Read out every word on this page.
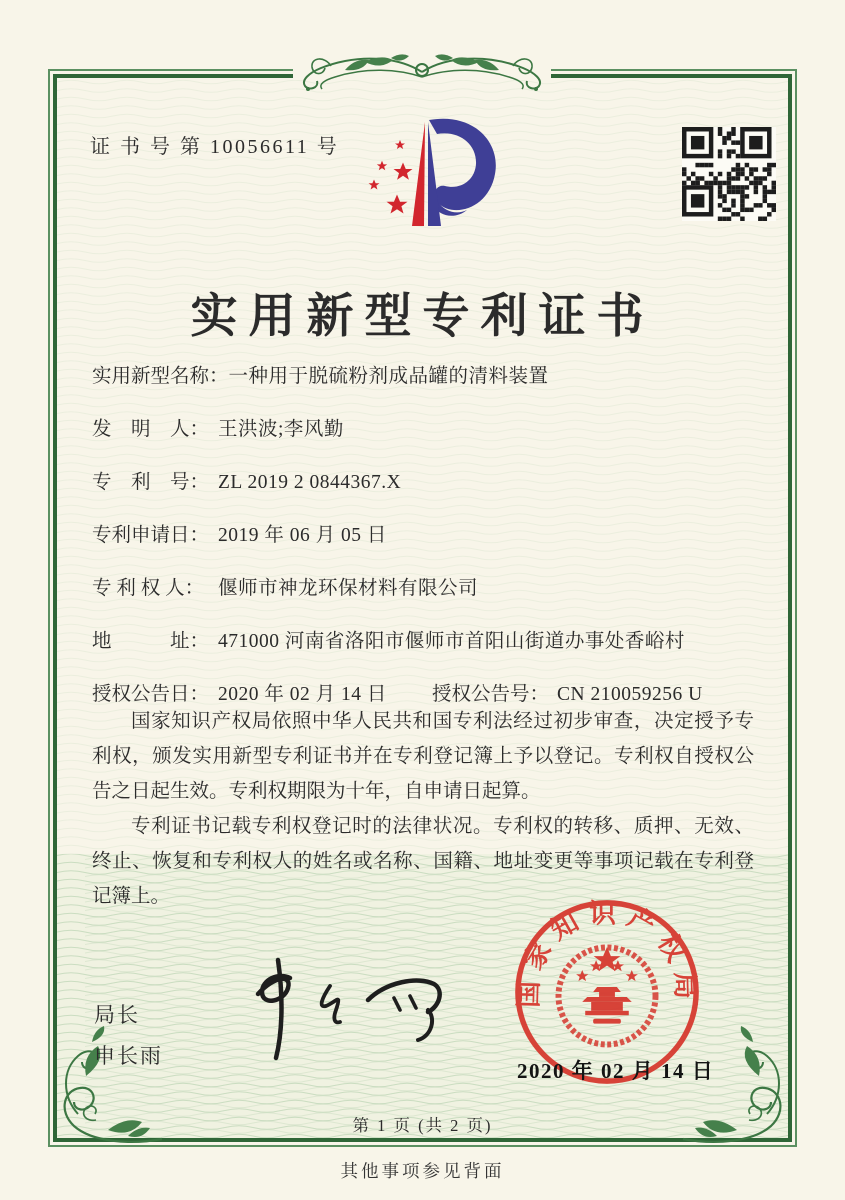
证 书 号 第 10056611 号
实用新型专利证书
实用新型名称： 一种用于脱硫粉剂成品罐的清料装置
发　明　人： 王洪波;李风勤
专　利　号： ZL 2019 2 0844367.X
专利申请日： 2019 年 06 月 05 日
专 利 权 人： 偃师市神龙环保材料有限公司
地　　　址： 471000 河南省洛阳市偃师市首阳山街道办事处香峪村
授权公告日： 2020 年 02 月 14 日	授权公告号： CN 210059256 U

国家知识产权局依照中华人民共和国专利法经过初步审查，决定授予专利权，颁发实用新型专利证书并在专利登记簿上予以登记。专利权自授权公告之日起生效。专利权期限为十年，自申请日起算。

专利证书记载专利权登记时的法律状况。专利权的转移、质押、无效、终止、恢复和专利权人的姓名或名称、国籍、地址变更等事项记载在专利登记簿上。

局长
申长雨
国家知识产权局
2020 年 02 月 14 日
第 1 页 (共 2 页)
其他事项参见背面
